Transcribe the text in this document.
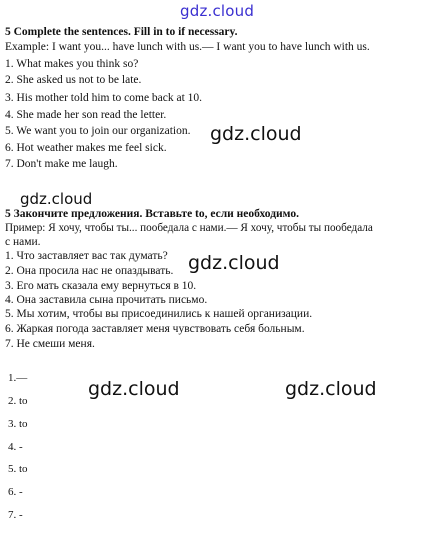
gdz.cloud
5 Complete the sentences. Fill in to if necessary.
Example: I want you... have lunch with us.— I want you to have lunch with us.
1. What makes you think so?
2. She asked us not to be late.
3. His mother told him to come back at 10.
4. She made her son read the letter.
5. We want you to join our organization.
6. Hot weather makes me feel sick.
7. Don't make me laugh.
gdz.cloud
gdz.cloud
5 Закончите предложения. Вставьте to, если необходимо.
Пример: Я хочу, чтобы ты... пообедала с нами.— Я хочу, чтобы ты пообедала
с нами.
1. Что заставляет вас так думать?
2. Она просила нас не опаздывать.
3. Его мать сказала ему вернуться в 10.
4. Она заставила сына прочитать письмо.
5. Мы хотим, чтобы вы присоединились к нашей организации.
6. Жаркая погода заставляет меня чувствовать себя больным.
7. Не смеши меня.
gdz.cloud
1.—
2. to
3. to
4. -
5. to
6. -
7. -
gdz.cloud	gdz.cloud
